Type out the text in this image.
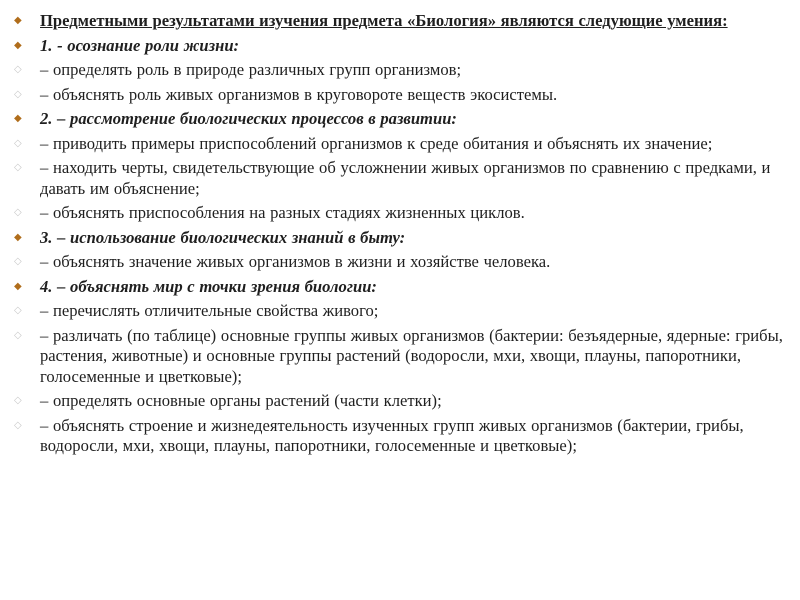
◆	Предметными результатами изучения предмета «Биология» являются следующие умения:
◆	1. - осознание роли жизни:
◇	– определять роль в природе различных групп организмов;
◇	– объяснять роль живых организмов в круговороте веществ экосистемы.
◆	2. – рассмотрение биологических процессов в развитии:
◇	– приводить примеры приспособлений организмов к среде обитания и объяснять их значение;
◇	– находить черты, свидетельствующие об усложнении живых организмов по сравнению с предками, и давать им объяснение;
◇	– объяснять приспособления на разных стадиях жизненных циклов.
◆	3. – использование биологических знаний в быту:
◇	– объяснять значение живых организмов в жизни и хозяйстве человека.
◆	4. – объяснять мир с точки зрения биологии:
◇	– перечислять отличительные свойства живого;
◇	– различать (по таблице) основные группы живых организмов (бактерии: безъядерные, ядерные: грибы, растения, животные) и основные группы растений (водоросли, мхи, хвощи, плауны, папоротники, голосеменные и цветковые);
◇	– определять основные органы растений (части клетки);
◇	– объяснять строение и жизнедеятельность изученных групп живых организмов (бактерии, грибы, водоросли, мхи, хвощи, плауны, папоротники, голосеменные и цветковые);
